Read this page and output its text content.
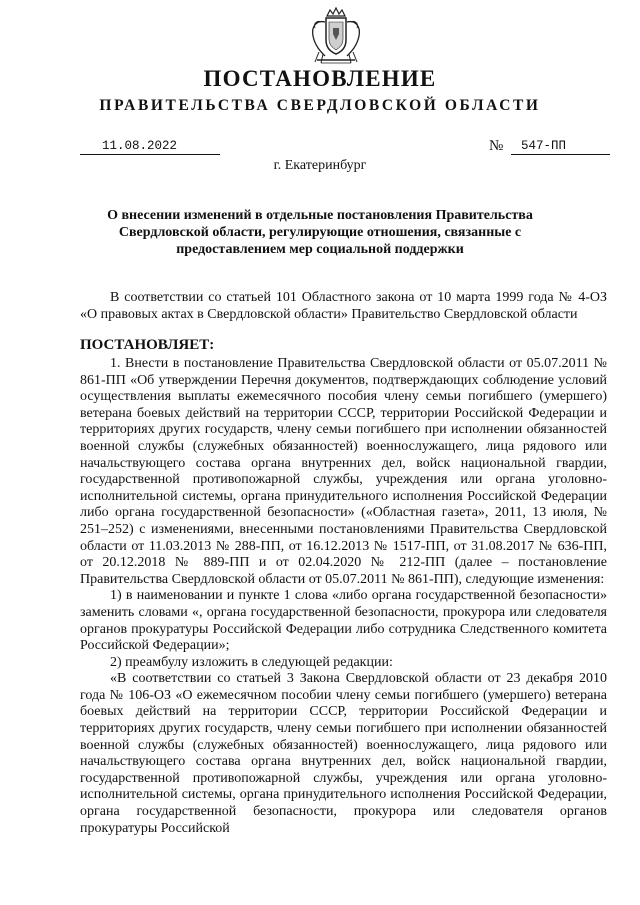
ПОСТАНОВЛЕНИЕ
ПРАВИТЕЛЬСТВА СВЕРДЛОВСКОЙ ОБЛАСТИ
11.08.2022	№	547-ПП
г. Екатеринбург
О внесении изменений в отдельные постановления Правительства Свердловской области, регулирующие отношения, связанные с предоставлением мер социальной поддержки

В соответствии со статьей 101 Областного закона от 10 марта 1999 года № 4-ОЗ «О правовых актах в Свердловской области» Правительство Свердловской области

ПОСТАНОВЛЯЕТ:

1. Внести в постановление Правительства Свердловской области от 05.07.2011 № 861-ПП «Об утверждении Перечня документов, подтверждающих соблюдение условий осуществления выплаты ежемесячного пособия члену семьи погибшего (умершего) ветерана боевых действий на территории СССР, территории Российской Федерации и территориях других государств, члену семьи погибшего при исполнении обязанностей военной службы (служебных обязанностей) военнослужащего, лица рядового или начальствующего состава органа внутренних дел, войск национальной гвардии, государственной противопожарной службы, учреждения или органа уголовно-исполнительной системы, органа принудительного исполнения Российской Федерации либо органа государственной безопасности» («Областная газета», 2011, 13 июля, № 251–252) с изменениями, внесенными постановлениями Правительства Свердловской области от 11.03.2013 № 288-ПП, от 16.12.2013 № 1517-ПП, от 31.08.2017 № 636-ПП, от 20.12.2018 № 889-ПП и от 02.04.2020 № 212-ПП (далее – постановление Правительства Свердловской области от 05.07.2011 № 861-ПП), следующие изменения:

1) в наименовании и пункте 1 слова «либо органа государственной безопасности» заменить словами «, органа государственной безопасности, прокурора или следователя органов прокуратуры Российской Федерации либо сотрудника Следственного комитета Российской Федерации»;

2) преамбулу изложить в следующей редакции:

«В соответствии со статьей 3 Закона Свердловской области от 23 декабря 2010 года № 106-ОЗ «О ежемесячном пособии члену семьи погибшего (умершего) ветерана боевых действий на территории СССР, территории Российской Федерации и территориях других государств, члену семьи погибшего при исполнении обязанностей военной службы (служебных обязанностей) военнослужащего, лица рядового или начальствующего состава органа внутренних дел, войск национальной гвардии, государственной противопожарной службы, учреждения или органа уголовно-исполнительной системы, органа принудительного исполнения Российской Федерации, органа государственной безопасности, прокурора или следователя органов прокуратуры Российской
